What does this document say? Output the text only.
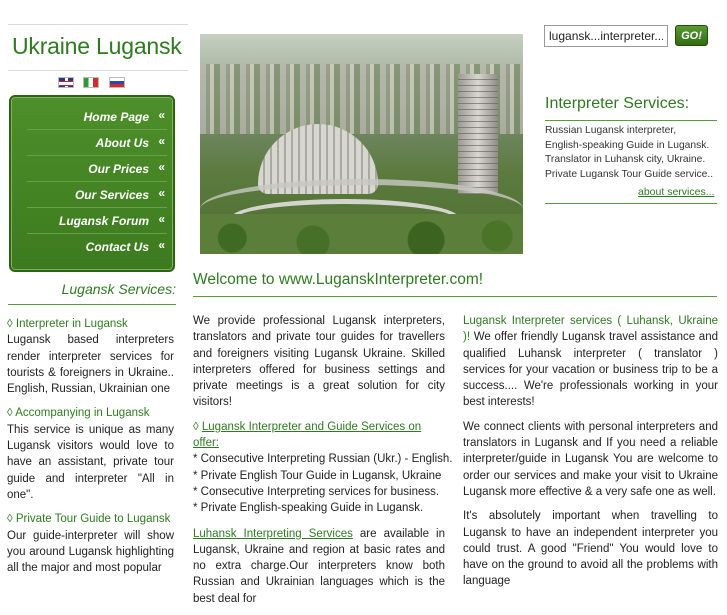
Ukraine Lugansk
Home Page «
About Us «
Our Prices «
Our Services «
Lugansk Forum «
Contact Us «
Lugansk Services:
◊ Interpreter in Lugansk
Lugansk based interpreters render interpreter services for tourists & foreigners in Ukraine.. English, Russian, Ukrainian one
◊ Accompanying in Lugansk
This service is unique as many Lugansk visitors would love to have an assistant, private tour guide and interpreter "All in one".
◊ Private Tour Guide to Lugansk
Our guide-interpreter will show you around Lugansk highlighting all the major and most popular
lugansk...interpreter...
GO!
Interpreter Services:
Russian Lugansk interpreter,
English-speaking Guide in Lugansk.
Translator in Luhansk city, Ukraine.
Private Lugansk Tour Guide service..
about services...
Welcome to www.LuganskInterpreter.com!
We provide professional Lugansk interpreters, translators and private tour guides for travellers and foreigners visiting Lugansk Ukraine. Skilled interpreters offered for business settings and private meetings is a great solution for city visitors!
◊ Lugansk Interpreter and Guide Services on offer:
* Consecutive Interpreting Russian (Ukr.) - English.
* Private English Tour Guide in Lugansk, Ukraine
* Consecutive Interpreting services for business.
* Private English-speaking Guide in Lugansk.
Luhansk Interpreting Services are available in Lugansk, Ukraine and region at basic rates and no extra charge.Our interpreters know both Russian and Ukrainian languages which is the best deal for
Lugansk Interpreter services ( Luhansk, Ukraine )! We offer friendly Lugansk travel assistance and qualified Luhansk interpreter ( translator ) services for your vacation or business trip to be a success.... We're professionals working in your best interests!
We connect clients with personal interpreters and translators in Lugansk and If you need a reliable interpreter/guide in Lugansk You are welcome to order our services and make your visit to Ukraine Lugansk more effective & a very safe one as well.
It's absolutely important when travelling to Lugansk to have an independent interpreter you could trust. A good "Friend" You would love to have on the ground to avoid all the problems with language
